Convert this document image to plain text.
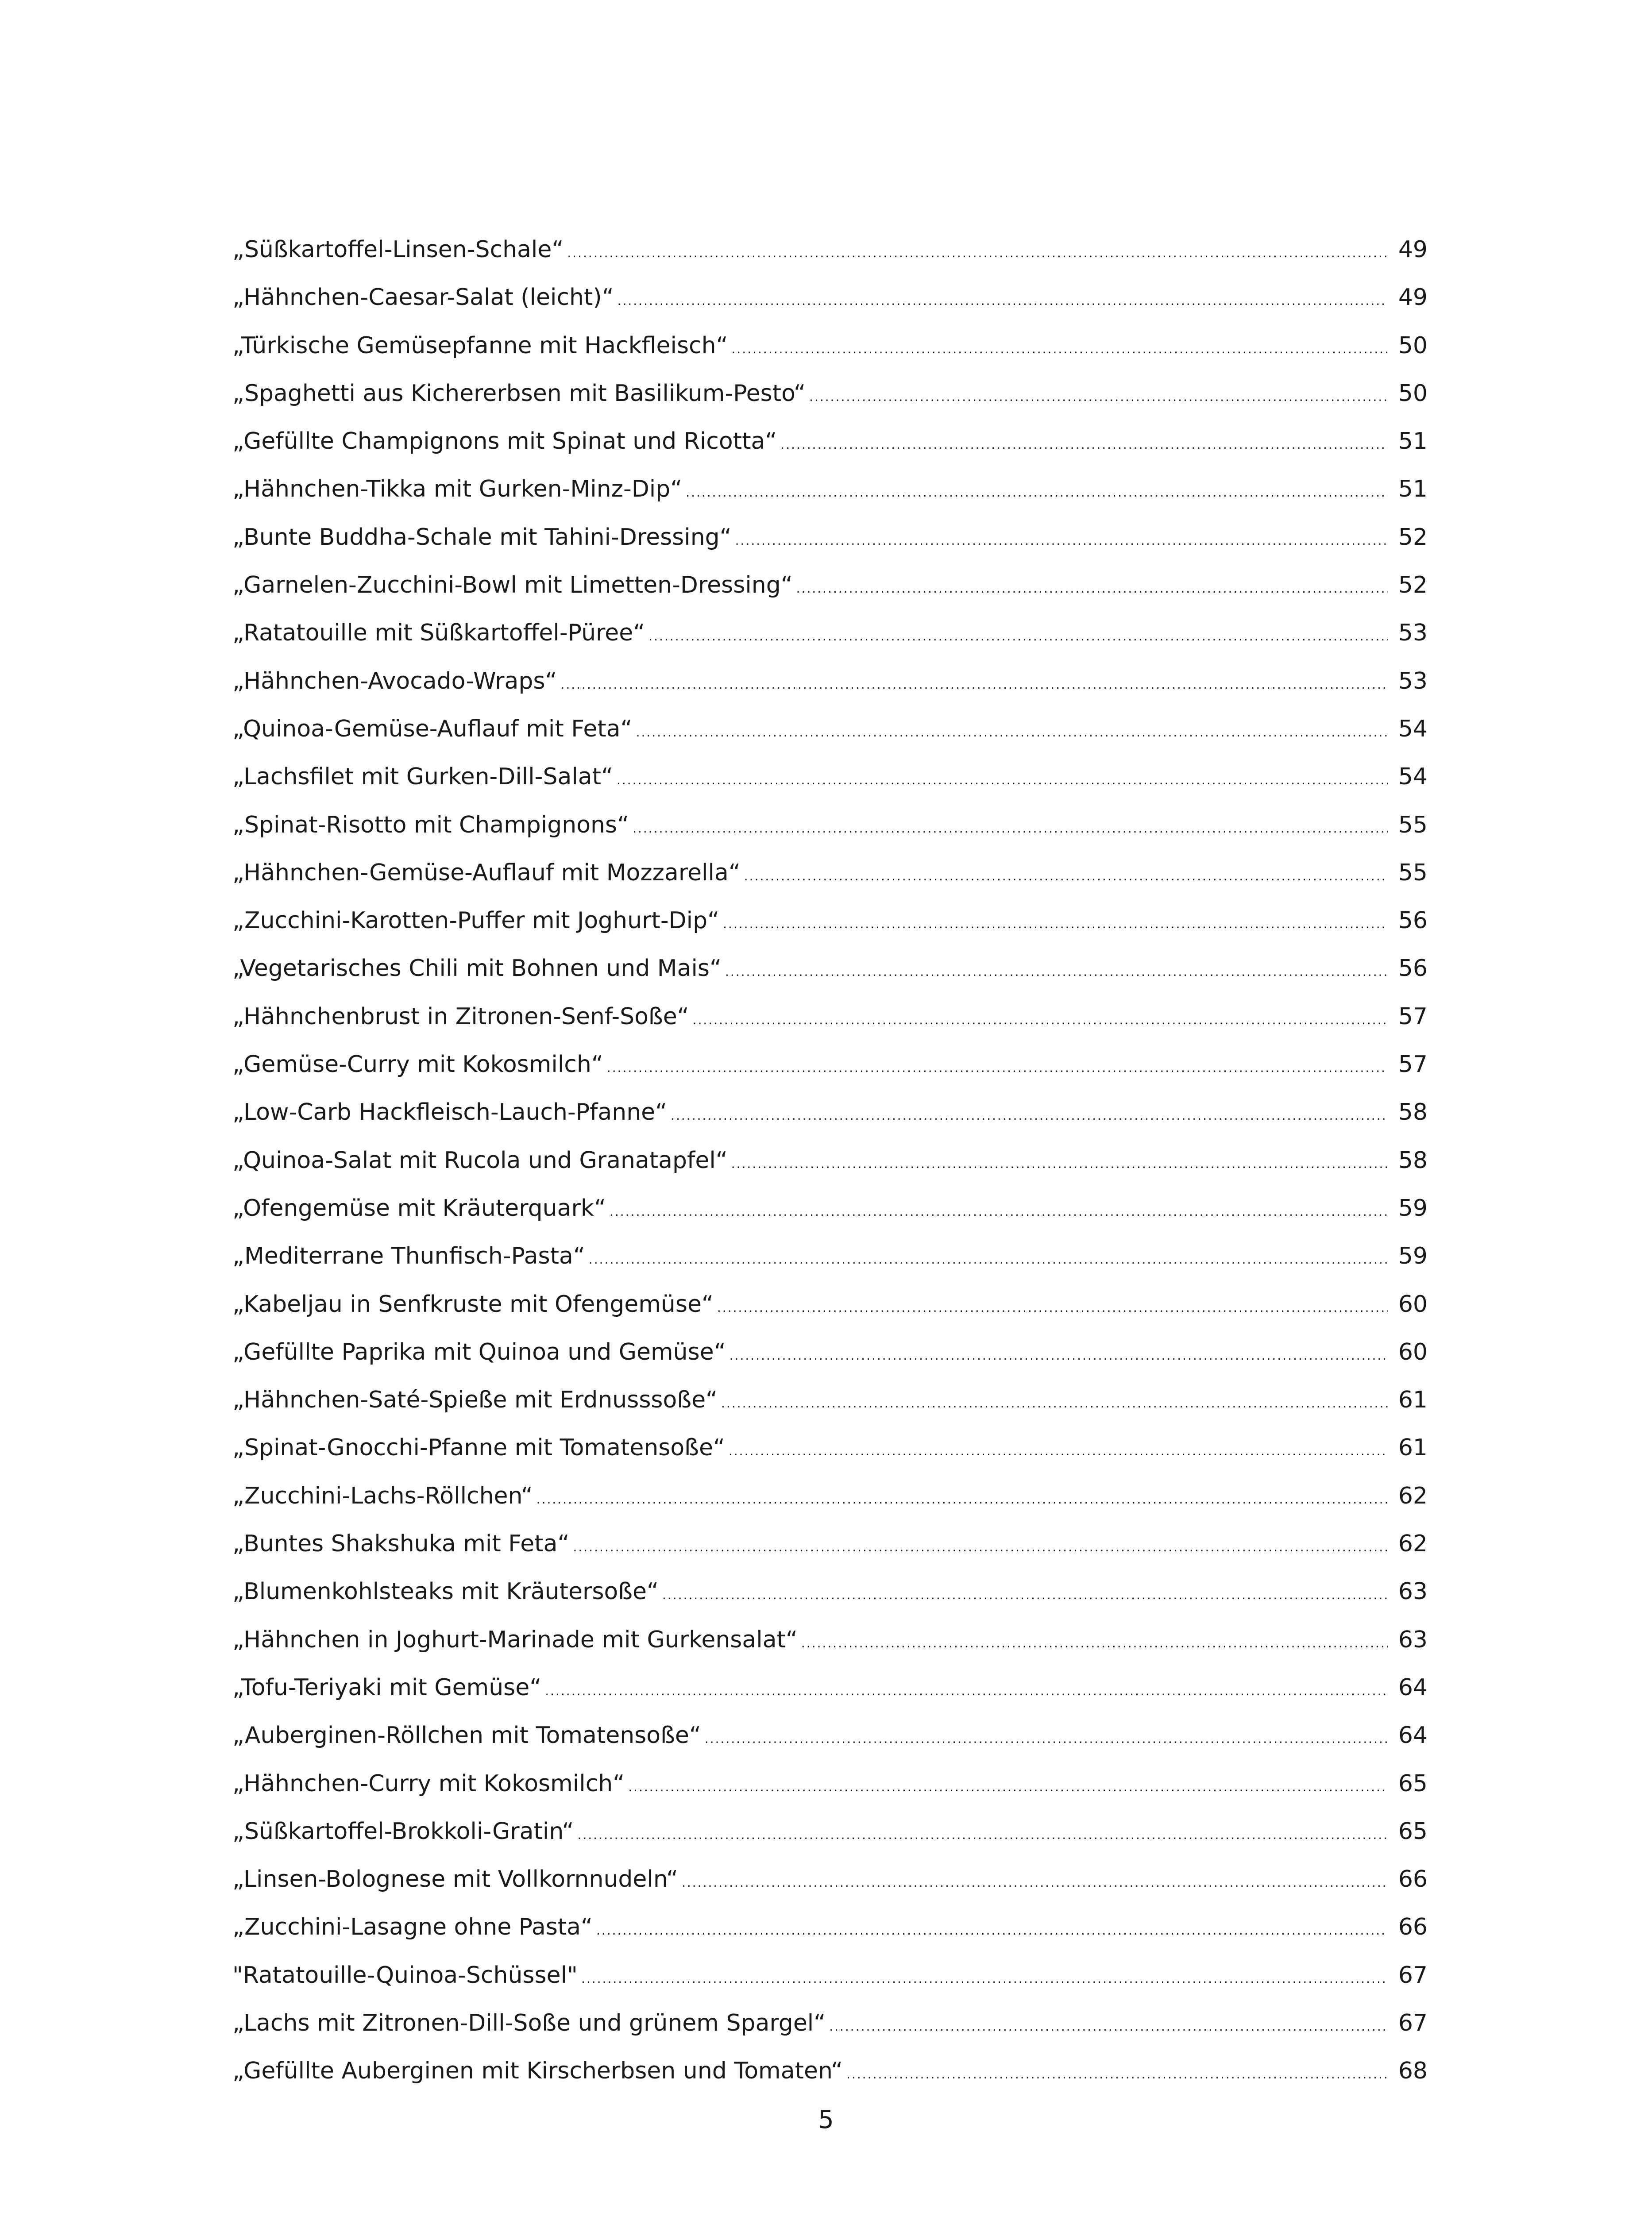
„Süßkartoffel-Linsen-Schale“ .....	49
„Hähnchen-Caesar-Salat (leicht)“ .....	49
„Türkische Gemüsepfanne mit Hackfleisch“ .....	50
„Spaghetti aus Kichererbsen mit Basilikum-Pesto“ .....	50
„Gefüllte Champignons mit Spinat und Ricotta“ .....	51
„Hähnchen-Tikka mit Gurken-Minz-Dip“ .....	51
„Bunte Buddha-Schale mit Tahini-Dressing“ .....	52
„Garnelen-Zucchini-Bowl mit Limetten-Dressing“ .....	52
„Ratatouille mit Süßkartoffel-Püree“ .....	53
„Hähnchen-Avocado-Wraps“ .....	53
„Quinoa-Gemüse-Auflauf mit Feta“ .....	54
„Lachsfilet mit Gurken-Dill-Salat“ .....	54
„Spinat-Risotto mit Champignons“ .....	55
„Hähnchen-Gemüse-Auflauf mit Mozzarella“ .....	55
„Zucchini-Karotten-Puffer mit Joghurt-Dip“ .....	56
„Vegetarisches Chili mit Bohnen und Mais“ .....	56
„Hähnchenbrust in Zitronen-Senf-Soße“ .....	57
„Gemüse-Curry mit Kokosmilch“ .....	57
„Low-Carb Hackfleisch-Lauch-Pfanne“ .....	58
„Quinoa-Salat mit Rucola und Granatapfel“ .....	58
„Ofengemüse mit Kräuterquark“ .....	59
„Mediterrane Thunfisch-Pasta“ .....	59
„Kabeljau in Senfkruste mit Ofengemüse“ .....	60
„Gefüllte Paprika mit Quinoa und Gemüse“ .....	60
„Hähnchen-Saté-Spieße mit Erdnusssoße“ .....	61
„Spinat-Gnocchi-Pfanne mit Tomatensoße“ .....	61
„Zucchini-Lachs-Röllchen“ .....	62
„Buntes Shakshuka mit Feta“ .....	62
„Blumenkohlsteaks mit Kräutersoße“ .....	63
„Hähnchen in Joghurt-Marinade mit Gurkensalat“ .....	63
„Tofu-Teriyaki mit Gemüse“ .....	64
„Auberginen-Röllchen mit Tomatensoße“ .....	64
„Hähnchen-Curry mit Kokosmilch“ .....	65
„Süßkartoffel-Brokkoli-Gratin“ .....	65
„Linsen-Bolognese mit Vollkornnudeln“ .....	66
„Zucchini-Lasagne ohne Pasta“ .....	66
"Ratatouille-Quinoa-Schüssel" .....	67
„Lachs mit Zitronen-Dill-Soße und grünem Spargel“ .....	67
„Gefüllte Auberginen mit Kirscherbsen und Tomaten“ .....	68
5
